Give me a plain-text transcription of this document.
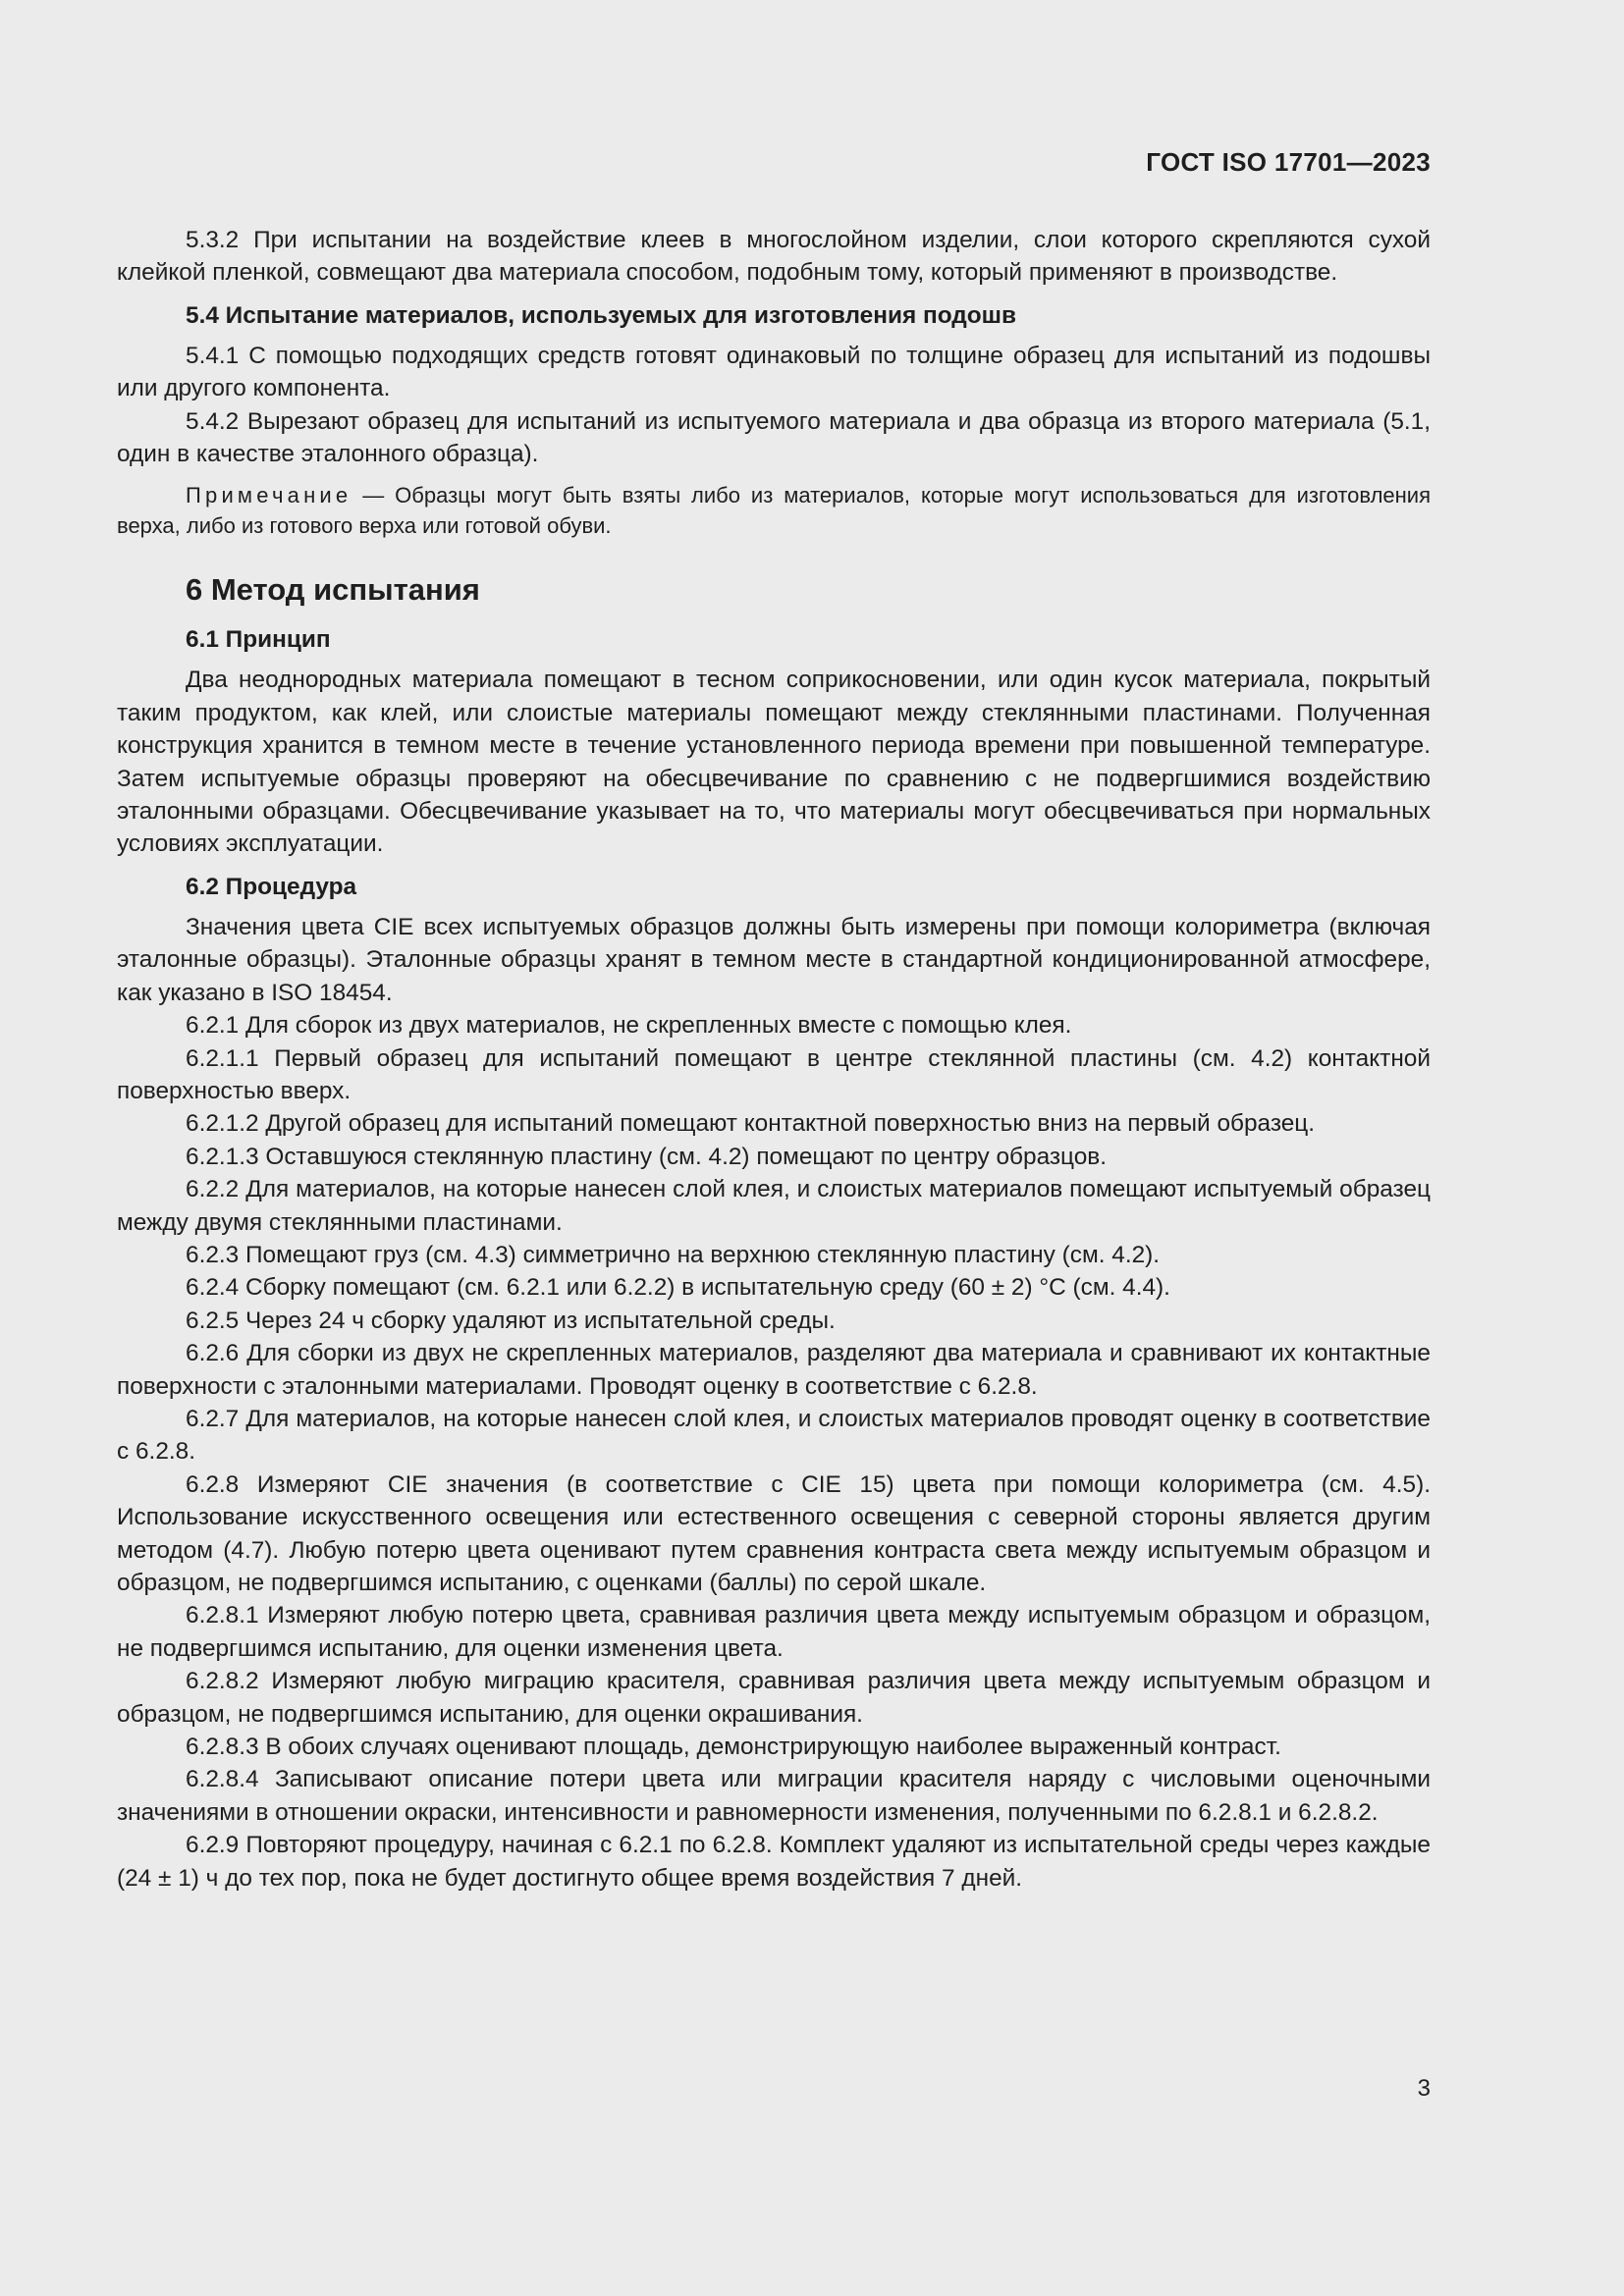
ГОСТ ISO 17701—2023

5.3.2 При испытании на воздействие клеев в многослойном изделии, слои которого скрепляются сухой клейкой пленкой, совмещают два материала способом, подобным тому, который применяют в производстве.

5.4 Испытание материалов, используемых для изготовления подошв

5.4.1 С помощью подходящих средств готовят одинаковый по толщине образец для испытаний из подошвы или другого компонента.

5.4.2 Вырезают образец для испытаний из испытуемого материала и два образца из второго материала (5.1, один в качестве эталонного образца).

Примечание — Образцы могут быть взяты либо из материалов, которые могут использоваться для изготовления верха, либо из готового верха или готовой обуви.

6 Метод испытания
6.1 Принцип

Два неоднородных материала помещают в тесном соприкосновении, или один кусок материала, покрытый таким продуктом, как клей, или слоистые материалы помещают между стеклянными пластинами. Полученная конструкция хранится в темном месте в течение установленного периода времени при повышенной температуре. Затем испытуемые образцы проверяют на обесцвечивание по сравнению с не подвергшимися воздействию эталонными образцами. Обесцвечивание указывает на то, что материалы могут обесцвечиваться при нормальных условиях эксплуатации.

6.2 Процедура

Значения цвета CIE всех испытуемых образцов должны быть измерены при помощи колориметра (включая эталонные образцы). Эталонные образцы хранят в темном месте в стандартной кондиционированной атмосфере, как указано в ISO 18454.

6.2.1 Для сборок из двух материалов, не скрепленных вместе с помощью клея.

6.2.1.1 Первый образец для испытаний помещают в центре стеклянной пластины (см. 4.2) контактной поверхностью вверх.

6.2.1.2 Другой образец для испытаний помещают контактной поверхностью вниз на первый образец.

6.2.1.3 Оставшуюся стеклянную пластину (см. 4.2) помещают по центру образцов.

6.2.2 Для материалов, на которые нанесен слой клея, и слоистых материалов помещают испытуемый образец между двумя стеклянными пластинами.

6.2.3 Помещают груз (см. 4.3) симметрично на верхнюю стеклянную пластину (см. 4.2).

6.2.4 Сборку помещают (см. 6.2.1 или 6.2.2) в испытательную среду (60 ± 2) °С (см. 4.4).

6.2.5 Через 24 ч сборку удаляют из испытательной среды.

6.2.6 Для сборки из двух не скрепленных материалов, разделяют два материала и сравнивают их контактные поверхности с эталонными материалами. Проводят оценку в соответствие с 6.2.8.

6.2.7 Для материалов, на которые нанесен слой клея, и слоистых материалов проводят оценку в соответствие с 6.2.8.

6.2.8 Измеряют CIE значения (в соответствие с CIE 15) цвета при помощи колориметра (см. 4.5). Использование искусственного освещения или естественного освещения с северной стороны является другим методом (4.7). Любую потерю цвета оценивают путем сравнения контраста света между испытуемым образцом и образцом, не подвергшимся испытанию, с оценками (баллы) по серой шкале.

6.2.8.1 Измеряют любую потерю цвета, сравнивая различия цвета между испытуемым образцом и образцом, не подвергшимся испытанию, для оценки изменения цвета.

6.2.8.2 Измеряют любую миграцию красителя, сравнивая различия цвета между испытуемым образцом и образцом, не подвергшимся испытанию, для оценки окрашивания.

6.2.8.3 В обоих случаях оценивают площадь, демонстрирующую наиболее выраженный контраст.

6.2.8.4 Записывают описание потери цвета или миграции красителя наряду с числовыми оценочными значениями в отношении окраски, интенсивности и равномерности изменения, полученными по 6.2.8.1 и 6.2.8.2.

6.2.9 Повторяют процедуру, начиная с 6.2.1 по 6.2.8. Комплект удаляют из испытательной среды через каждые (24 ± 1) ч до тех пор, пока не будет достигнуто общее время воздействия 7 дней.

3
